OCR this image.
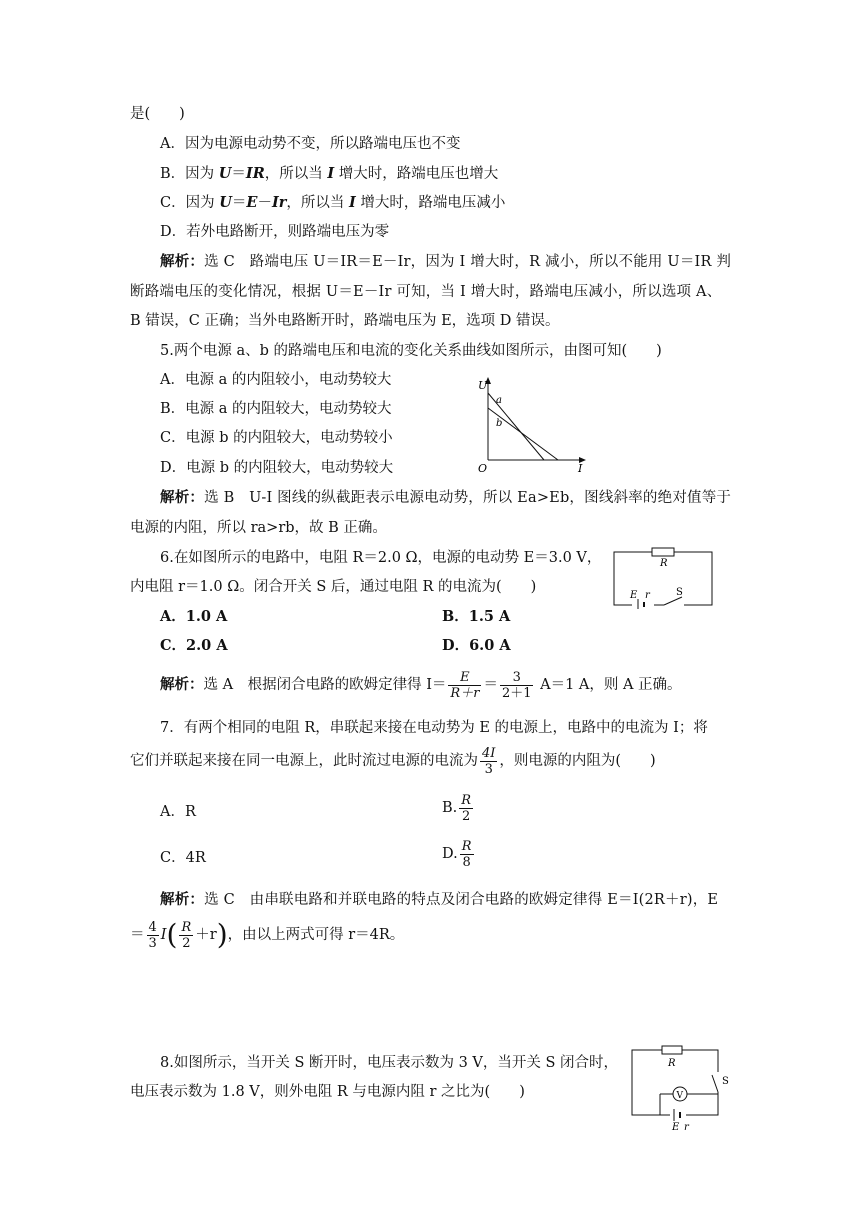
是(　　)
A．因为电源电动势不变，所以路端电压也不变
B．因为 U＝IR，所以当 I 增大时，路端电压也增大
C．因为 U＝E－Ir，所以当 I 增大时，路端电压减小
D．若外电路断开，则路端电压为零
解析：选 C　路端电压 U＝IR＝E－Ir，因为 I 增大时，R 减小，所以不能用 U＝IR 判
断路端电压的变化情况，根据 U＝E－Ir 可知，当 I 增大时，路端电压减小，所以选项 A、
B 错误，C 正确；当外电路断开时，路端电压为 E，选项 D 错误。
5.两个电源 a、b 的路端电压和电流的变化关系曲线如图所示，由图可知(　　)
A．电源 a 的内阻较小，电动势较大
B．电源 a 的内阻较大，电动势较大
C．电源 b 的内阻较大，电动势较小
D．电源 b 的内阻较大，电动势较大
U
I
O
a
b
解析：选 B　U-I 图线的纵截距表示电源电动势，所以 Ea>Eb，图线斜率的绝对值等于
电源的内阻，所以 ra>rb，故 B 正确。
6.在如图所示的电路中，电阻 R＝2.0 Ω，电源的电动势 E＝3.0 V，
内电阻 r＝1.0 Ω。闭合开关 S 后，通过电阻 R 的电流为(　　)
R
E r	S
A．1.0 A	B．1.5 A
C．2.0 A	D．6.0 A
解析：选 A　根据闭合电路的欧姆定律得 $I= \frac{E}{R+r} = \frac{3}{2+1} A=1$ A，则 A 正确。
7．有两个相同的电阻 R，串联起来接在电动势为 E 的电源上，电路中的电流为 I；将
它们并联起来接在同一电源上，此时流过电源的电流为 $\frac{4I}{3}$ ，则电源的内阻为(　　)
A．R	B. $\frac{R}{2}$
C．4R	D. $\frac{R}{8}$
解析：选 C　由串联电路和并联电路的特点及闭合电路的欧姆定律得 E＝I(2R＋r)，E
＝ $\frac{4}{3} I( \frac{R}{2} +r)$，由以上两式可得 r＝4R。
8.如图所示，当开关 S 断开时，电压表示数为 3 V，当开关 S 闭合时，
电压表示数为 1.8 V，则外电阻 R 与电源内阻 r 之比为(　　)
R
V
S
E r
